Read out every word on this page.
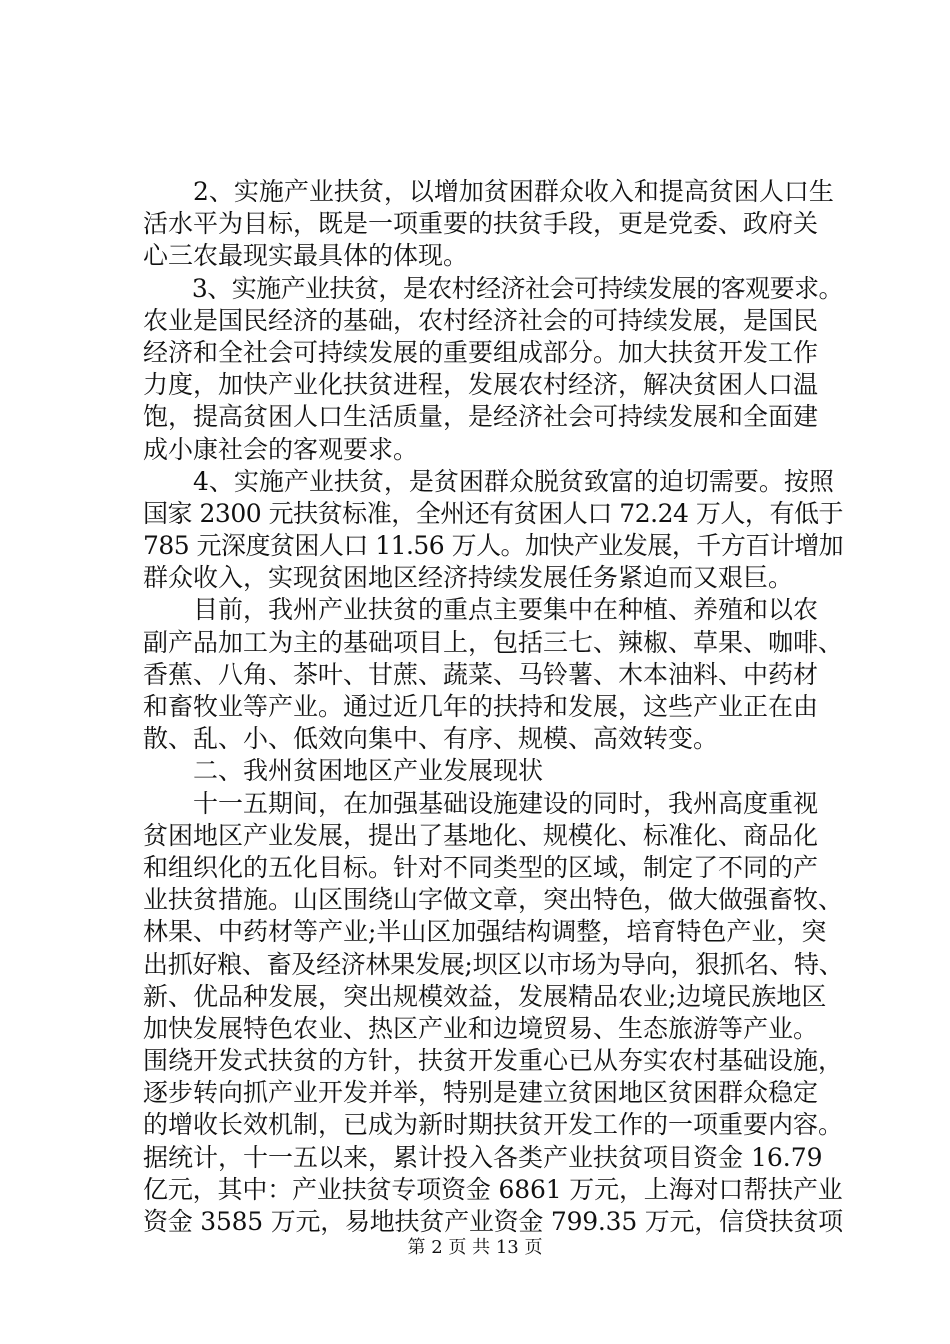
　　2、实施产业扶贫，以增加贫困群众收入和提高贫困人口生
活水平为目标，既是一项重要的扶贫手段，更是党委、政府关
心三农最现实最具体的体现。
　　3、实施产业扶贫，是农村经济社会可持续发展的客观要求。
农业是国民经济的基础，农村经济社会的可持续发展，是国民
经济和全社会可持续发展的重要组成部分。加大扶贫开发工作
力度，加快产业化扶贫进程，发展农村经济，解决贫困人口温
饱，提高贫困人口生活质量，是经济社会可持续发展和全面建
成小康社会的客观要求。
　　4、实施产业扶贫，是贫困群众脱贫致富的迫切需要。按照
国家 2300 元扶贫标准，全州还有贫困人口 72.24 万人，有低于
785 元深度贫困人口 11.56 万人。加快产业发展，千方百计增加
群众收入，实现贫困地区经济持续发展任务紧迫而又艰巨。
　　目前，我州产业扶贫的重点主要集中在种植、养殖和以农
副产品加工为主的基础项目上，包括三七、辣椒、草果、咖啡、
香蕉、八角、茶叶、甘蔗、蔬菜、马铃薯、木本油料、中药材
和畜牧业等产业。通过近几年的扶持和发展，这些产业正在由
散、乱、小、低效向集中、有序、规模、高效转变。
　　二、我州贫困地区产业发展现状
　　十一五期间，在加强基础设施建设的同时，我州高度重视
贫困地区产业发展，提出了基地化、规模化、标准化、商品化
和组织化的五化目标。针对不同类型的区域，制定了不同的产
业扶贫措施。山区围绕山字做文章，突出特色，做大做强畜牧、
林果、中药材等产业;半山区加强结构调整，培育特色产业，突
出抓好粮、畜及经济林果发展;坝区以市场为导向，狠抓名、特、
新、优品种发展，突出规模效益，发展精品农业;边境民族地区
加快发展特色农业、热区产业和边境贸易、生态旅游等产业。
围绕开发式扶贫的方针，扶贫开发重心已从夯实农村基础设施，
逐步转向抓产业开发并举，特别是建立贫困地区贫困群众稳定
的增收长效机制，已成为新时期扶贫开发工作的一项重要内容。
据统计，十一五以来，累计投入各类产业扶贫项目资金 16.79
亿元，其中：产业扶贫专项资金 6861 万元，上海对口帮扶产业
资金 3585 万元，易地扶贫产业资金 799.35 万元，信贷扶贫项
第 2 页 共 13 页
